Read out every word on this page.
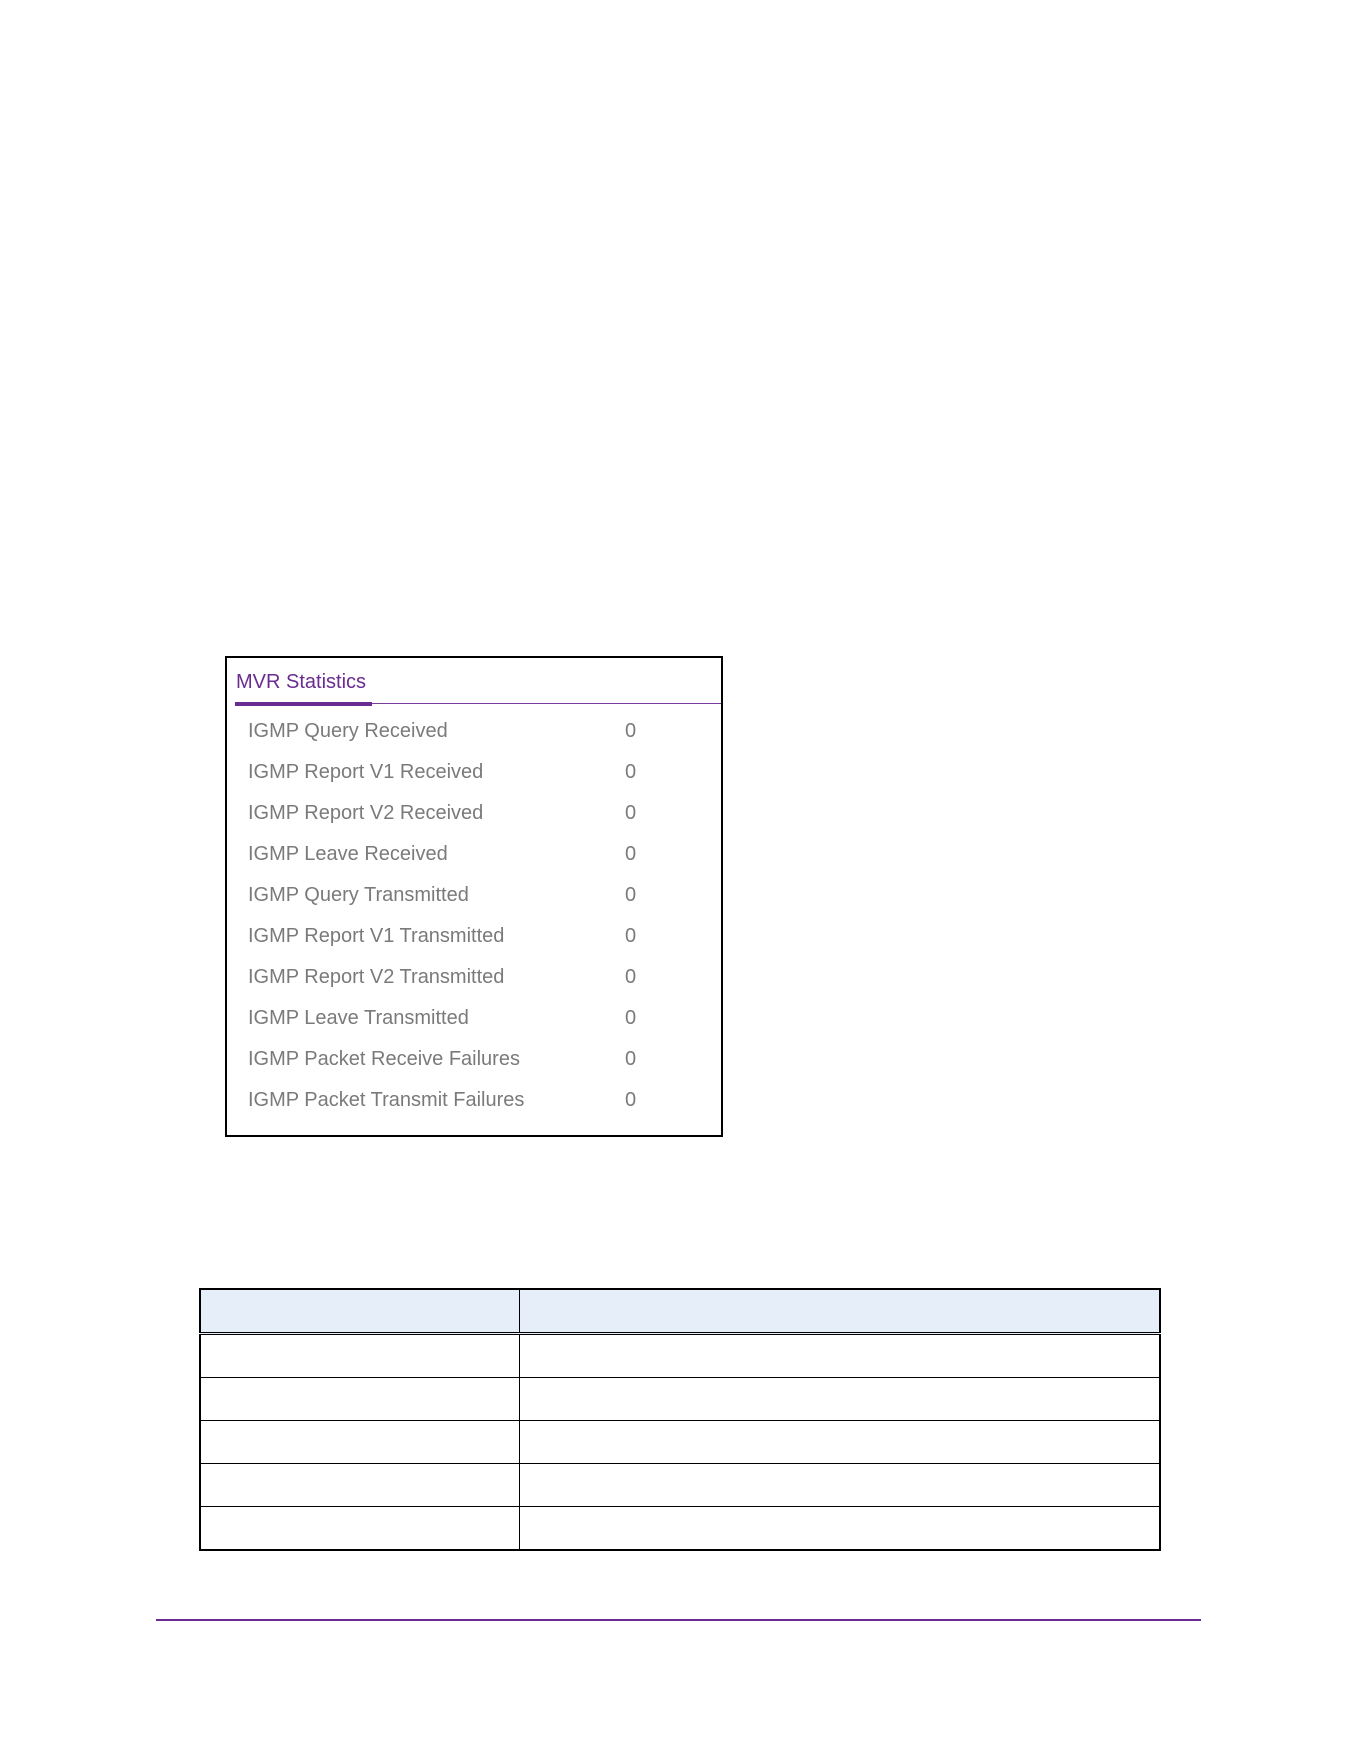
MVR Statistics
IGMP Query Received	0
IGMP Report V1 Received	0
IGMP Report V2 Received	0
IGMP Leave Received	0
IGMP Query Transmitted	0
IGMP Report V1 Transmitted	0
IGMP Report V2 Transmitted	0
IGMP Leave Transmitted	0
IGMP Packet Receive Failures	0
IGMP Packet Transmit Failures	0
